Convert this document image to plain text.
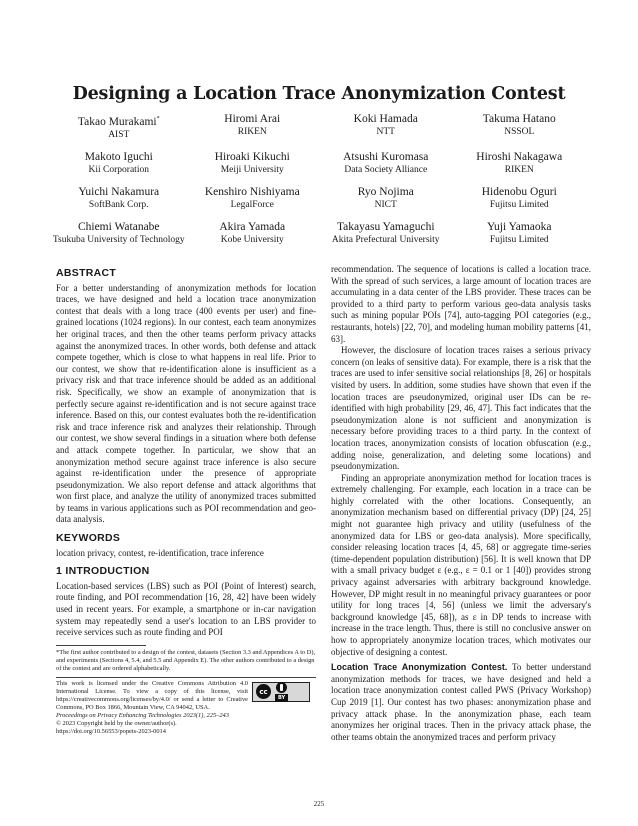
Designing a Location Trace Anonymization Contest
Takao Murakami*
AIST
Hiromi Arai
RIKEN
Koki Hamada
NTT
Takuma Hatano
NSSOL
Makoto Iguchi
Kii Corporation
Hiroaki Kikuchi
Meiji University
Atsushi Kuromasa
Data Society Alliance
Hiroshi Nakagawa
RIKEN
Yuichi Nakamura
SoftBank Corp.
Kenshiro Nishiyama
LegalForce
Ryo Nojima
NICT
Hidenobu Oguri
Fujitsu Limited
Chiemi Watanabe
Tsukuba University of Technology
Akira Yamada
Kobe University
Takayasu Yamaguchi
Akita Prefectural University
Yuji Yamaoka
Fujitsu Limited
ABSTRACT

For a better understanding of anonymization methods for location traces, we have designed and held a location trace anonymization contest that deals with a long trace (400 events per user) and fine-grained locations (1024 regions). In our contest, each team anonymizes her original traces, and then the other teams perform privacy attacks against the anonymized traces. In other words, both defense and attack compete together, which is close to what happens in real life. Prior to our contest, we show that re-identification alone is insufficient as a privacy risk and that trace inference should be added as an additional risk. Specifically, we show an example of anonymization that is perfectly secure against re-identification and is not secure against trace inference. Based on this, our contest evaluates both the re-identification risk and trace inference risk and analyzes their relationship. Through our contest, we show several findings in a situation where both defense and attack compete together. In particular, we show that an anonymization method secure against trace inference is also secure against re-identification under the presence of appropriate pseudonymization. We also report defense and attack algorithms that won first place, and analyze the utility of anonymized traces submitted by teams in various applications such as POI recommendation and geo-data analysis.

KEYWORDS

location privacy, contest, re-identification, trace inference

1 INTRODUCTION

Location-based services (LBS) such as POI (Point of Interest) search, route finding, and POI recommendation [16, 28, 42] have been widely used in recent years. For example, a smartphone or in-car navigation system may repeatedly send a user's location to an LBS provider to receive services such as route finding and POI

*The first author contributed to a design of the contest, datasets (Section 3.3 and Appendices A to D), and experiments (Sections 4, 5.4, and 5.5 and Appendix E). The other authors contributed to a design of the contest and are ordered alphabetically.
This work is licensed under the Creative Commons Attribution 4.0 International License. To view a copy of this license, visit https://creativecommons.org/licenses/by/4.0/ or send a letter to Creative Commons, PO Box 1866, Mountain View, CA 94042, USA.
cc
BY
Proceedings on Privacy Enhancing Technologies 2023(1), 225–243
© 2023 Copyright held by the owner/author(s).
https://doi.org/10.56553/popets-2023-0014

recommendation. The sequence of locations is called a location trace. With the spread of such services, a large amount of location traces are accumulating in a data center of the LBS provider. These traces can be provided to a third party to perform various geo-data analysis tasks such as mining popular POIs [74], auto-tagging POI categories (e.g., restaurants, hotels) [22, 70], and modeling human mobility patterns [41, 63].

However, the disclosure of location traces raises a serious privacy concern (on leaks of sensitive data). For example, there is a risk that the traces are used to infer sensitive social relationships [8, 26] or hospitals visited by users. In addition, some studies have shown that even if the location traces are pseudonymized, original user IDs can be re-identified with high probability [29, 46, 47]. This fact indicates that the pseudonymization alone is not sufficient and anonymization is necessary before providing traces to a third party. In the context of location traces, anonymization consists of location obfuscation (e.g., adding noise, generalization, and deleting some locations) and pseudonymization.

Finding an appropriate anonymization method for location traces is extremely challenging. For example, each location in a trace can be highly correlated with the other locations. Consequently, an anonymization mechanism based on differential privacy (DP) [24, 25] might not guarantee high privacy and utility (usefulness of the anonymized data for LBS or geo-data analysis). More specifically, consider releasing location traces [4, 45, 68] or aggregate time-series (time-dependent population distribution) [56]. It is well known that DP with a small privacy budget ε (e.g., ε = 0.1 or 1 [40]) provides strong privacy against adversaries with arbitrary background knowledge. However, DP might result in no meaningful privacy guarantees or poor utility for long traces [4, 56] (unless we limit the adversary's background knowledge [45, 68]), as ε in DP tends to increase with increase in the trace length. Thus, there is still no conclusive answer on how to appropriately anonymize location traces, which motivates our objective of designing a contest.

Location Trace Anonymization Contest. To better understand anonymization methods for traces, we have designed and held a location trace anonymization contest called PWS (Privacy Workshop) Cup 2019 [1]. Our contest has two phases: anonymization phase and privacy attack phase. In the anonymization phase, each team anonymizes her original traces. Then in the privacy attack phase, the other teams obtain the anonymized traces and perform privacy

225
